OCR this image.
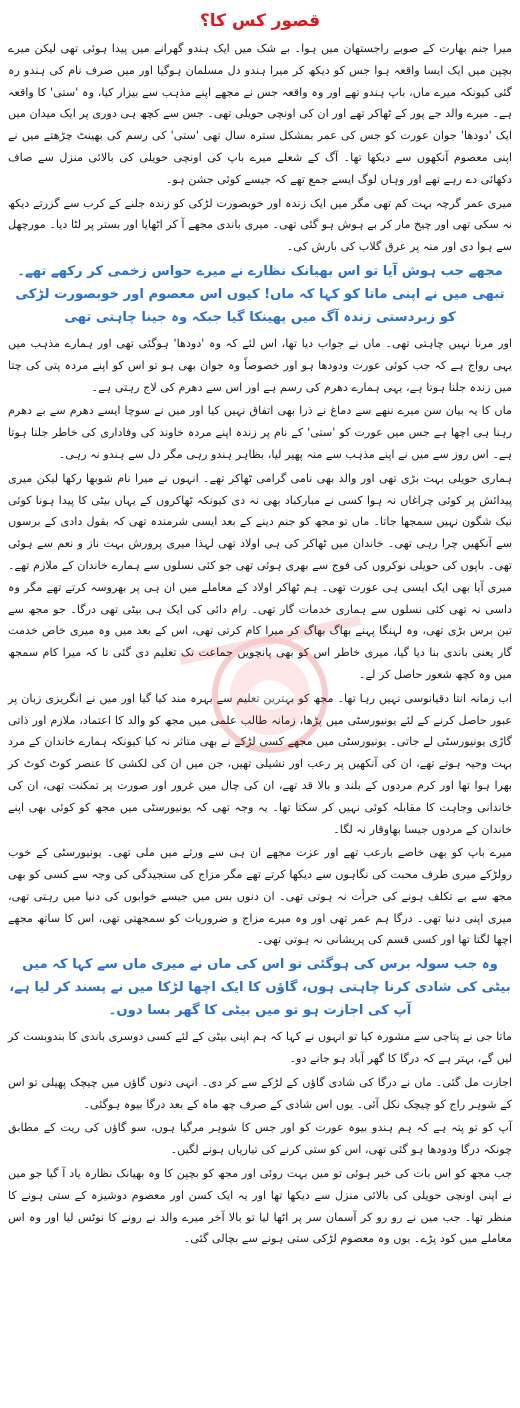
قصور کس کا؟

میرا جنم بھارت کے صوبے راجستھان میں ہوا۔ بے شک میں ایک ہندو گھرانے میں پیدا ہوئی تھی لیکن میرے بچپن میں ایک ایسا واقعہ ہوا جس کو دیکھ کر میرا ہندو دل مسلمان ہوگیا اور میں صرف نام کی ہندو رہ گئی کیونکہ میرے ماں، باپ ہندو تھے اور وہ واقعہ جس نے مجھے اپنے مذہب سے بیزار کیا، وہ 'ستی' کا واقعہ ہے۔ میرے والد جے پور کے ٹھاکر تھے اور ان کی اونچی حویلی تھی۔ جس سے کچھ ہی دوری پر ایک میدان میں ایک 'دودھا' جوان عورت کو جس کی عمر بمشکل سترہ سال تھی 'ستی' کی رسم کی بھینٹ چڑھتے میں نے اپنی معصوم آنکھوں سے دیکھا تھا۔ آگ کے شعلے میرے باپ کی اونچی حویلی کی بالائی منزل سے صاف دکھائی دے رہے تھے اور وہاں لوگ ایسے جمع تھے کہ جیسے کوئی جشن ہو۔

میری عمر گرچہ بہت کم تھی مگر میں ایک زندہ اور خوبصورت لڑکی کو زندہ جلنے کے کرب سے گزرتے دیکھ نہ سکی تھی اور چیخ مار کر بے ہوش ہو گئی تھی۔ میری باندی مجھے آ کر اٹھایا اور بستر پر لٹا دیا۔ مورچھل سے ہوا دی اور منہ پر عرق گلاب کی بارش کی۔

مجھے جب ہوش آیا تو اس بھیانک نظارے نے میرے حواس زخمی کر رکھے تھے۔ تبھی میں نے اپنی ماتا کو کہا کہ ماں! کیوں اس معصوم اور خوبصورت لڑکی کو زبردستی زندہ آگ میں پھینکا گیا جبکہ وہ جینا چاہتی تھی

اور مرنا نہیں چاہتی تھی۔ ماں نے جواب دیا تھا، اس لئے کہ وہ 'دودھا' ہوگئی تھی اور ہمارے مذہب میں یہی رواج ہے کہ جب کوئی عورت ودودھا ہو اور خصوصاً وہ جوان بھی ہو تو اس کو اپنے مردہ پتی کی چتا میں زندہ جلنا ہوتا ہے، یہی ہمارے دھرم کی رسم ہے اور اس سے دھرم کی لاج رہتی ہے۔

ماں کا یہ بیان سن میرے ننھے سے دماغ نے ذرا بھی اتفاق نہیں کیا اور میں نے سوچا ایسے دھرم سے بے دھرم رہنا ہی اچھا ہے جس میں عورت کو 'ستی' کے نام پر زندہ اپنے مردہ خاوند کی وفاداری کی خاطر جلنا ہوتا ہے۔ اس روز سے میں نے اپنے مذہب سے منہ پھیر لیا، بظاہر ہندو رہی مگر دل سے ہندو نہ رہی۔

ہماری حویلی بہت بڑی تھی اور والد بھی نامی گرامی ٹھاکر تھے۔ انہوں نے میرا نام شوبھا رکھا لیکن میری پیدائش پر کوئی چراغاں نہ ہوا کسی نے مبارکباد بھی نہ دی کیونکہ ٹھاکروں کے یہاں بیٹی کا پیدا ہونا کوئی نیک شگون نہیں سمجھا جاتا۔ ماں تو مجھ کو جنم دینے کے بعد ایسی شرمندہ تھی کہ بقول دادی کے برسوں سے آنکھیں چرا رہی تھی۔ خاندان میں ٹھاکر کی ہی اولاد تھی لہذا میری پرورش بہت ناز و نعم سے ہوئی تھی۔ باپوں کی حویلی نوکروں کی فوج سے بھری ہوئی تھی جو کئی نسلوں سے ہمارے خاندان کے ملازم تھے۔ میری آیا بھی ایک ایسی ہی عورت تھی۔ ہم ٹھاکر اولاد کے معاملے میں ان ہی پر بھروسہ کرتے تھے مگر وہ داسی نہ تھی کئی نسلوں سے ہماری خدمات گار تھی۔ رام دائی کی ایک ہی بیٹی تھی درگا۔ جو مجھ سے تین برس بڑی تھی، وہ لہنگا پہنے بھاگ بھاگ کر میرا کام کرتی تھی، اس کے بعد میں وہ میری خاص خدمت گار یعنی باندی بنا دیا گیا، میری خاطر اس کو بھی پانچویں جماعت تک تعلیم دی گئی تا کہ میرا کام سمجھ میں وہ کچھ شعور حاصل کر لے۔

اب زمانہ انتا دقیانوسی نہیں رہا تھا۔ مجھ کو بہترین تعلیم سے بہرہ مند کیا گیا اور میں نے انگریزی زبان پر عبور حاصل کرنے کے لئے یونیورسٹی میں پڑھا، زمانہ طالب علمی میں مجھ کو والد کا اعتماد، ملازم اور ذاتی گاڑی یونیورسٹی لے جاتی۔ یونیورسٹی میں مجھے کسی لڑکے نے بھی متاثر نہ کیا کیونکہ ہمارے خاندان کے مرد بہت وجیہ ہوتے تھے، ان کی آنکھیں پر رعب اور نشیلی تھیں، جن میں ان کی لکشی کا عنصر کوٹ کوٹ کر بھرا ہوا تھا اور کرم مردوں کے بلند و بالا قد تھے، ان کی چال میں غرور اور صورت پر تمکنت تھی، ان کی خاندانی وجاہت کا مقابلہ کوئی نہیں کر سکتا تھا۔ یہ وجہ تھی کہ یونیورسٹی میں مجھ کو کوئی بھی اپنے خاندان کے مردوں جیسا بھاوقار نہ لگا۔

میرے باپ کو بھی خاصے بارعب تھے اور عزت مجھے ان ہی سے ورثے میں ملی تھی۔ یونیورسٹی کے خوب رولڑکے میری طرف محبت کی نگاہوں سے دیکھا کرتے تھے مگر مزاج کی سنجیدگی کی وجہ سے کسی کو بھی مجھ سے بے تکلف ہونے کی جرأت نہ ہوتی تھی۔ ان دنوں بس میں جیسے خوابوں کی دنیا میں رہتی تھی، میری اپنی دنیا تھی۔ درگا ہم عمر تھی اور وہ میرے مزاج و ضروریات کو سمجھتی تھی، اس کا ساتھ مجھے اچھا لگتا تھا اور کسی قسم کی پریشانی نہ ہوتی تھی۔

وہ جب سولہ برس کی ہوگئی تو اس کی ماں نے میری ماں سے کہا کہ میں بیٹی کی شادی کرنا چاہتی ہوں، گاؤں کا ایک اچھا لڑکا میں نے پسند کر لیا ہے، آپ کی اجازت ہو تو میں بیٹی کا گھر بسا دوں۔

ماتا جی نے پتاجی سے مشورہ کیا تو انہوں نے کہا کہ ہم اپنی بیٹی کے لئے کسی دوسری باندی کا بندوبست کر لیں گے، بہتر ہے کہ درگا کا گھر آباد ہو جانے دو۔

اجازت مل گئی۔ ماں نے درگا کی شادی گاؤں کے لڑکے سے کر دی۔ انہی دنوں گاؤں میں چیچک پھیلی تو اس کے شوہر راج کو چیچک نکل آئی۔ یوں اس شادی کے صرف چھ ماہ کے بعد درگا بیوہ ہوگئی۔

آپ کو تو پتہ ہے کہ ہم ہندو بیوہ عورت کو اور جس کا شوہر مرگیا ہوں، سو گاؤں کی ریت کے مطابق چونکہ درگا ودودھا ہو گئی تھی، اس کو ستی کرنے کی تیاریاں ہونے لگیں۔

جب مجھ کو اس بات کی خبر ہوئی تو میں بہت روئی اور مجھ کو بچپن کا وہ بھیانک نظارہ یاد آ گیا جو میں نے اپنی اونچی حویلی کی بالائی منزل سے دیکھا تھا اور یہ ایک کسن اور معصوم دوشیزہ کے ستی ہونے کا منظر تھا۔ جب میں نے رو رو کر آسمان سر پر اٹھا لیا تو بالا آخر میرے والد نے رونے کا نوٹس لیا اور وہ اس معاملے میں کود پڑے۔ یوں وہ معصوم لڑکی ستی ہونے سے بچالی گئی۔
